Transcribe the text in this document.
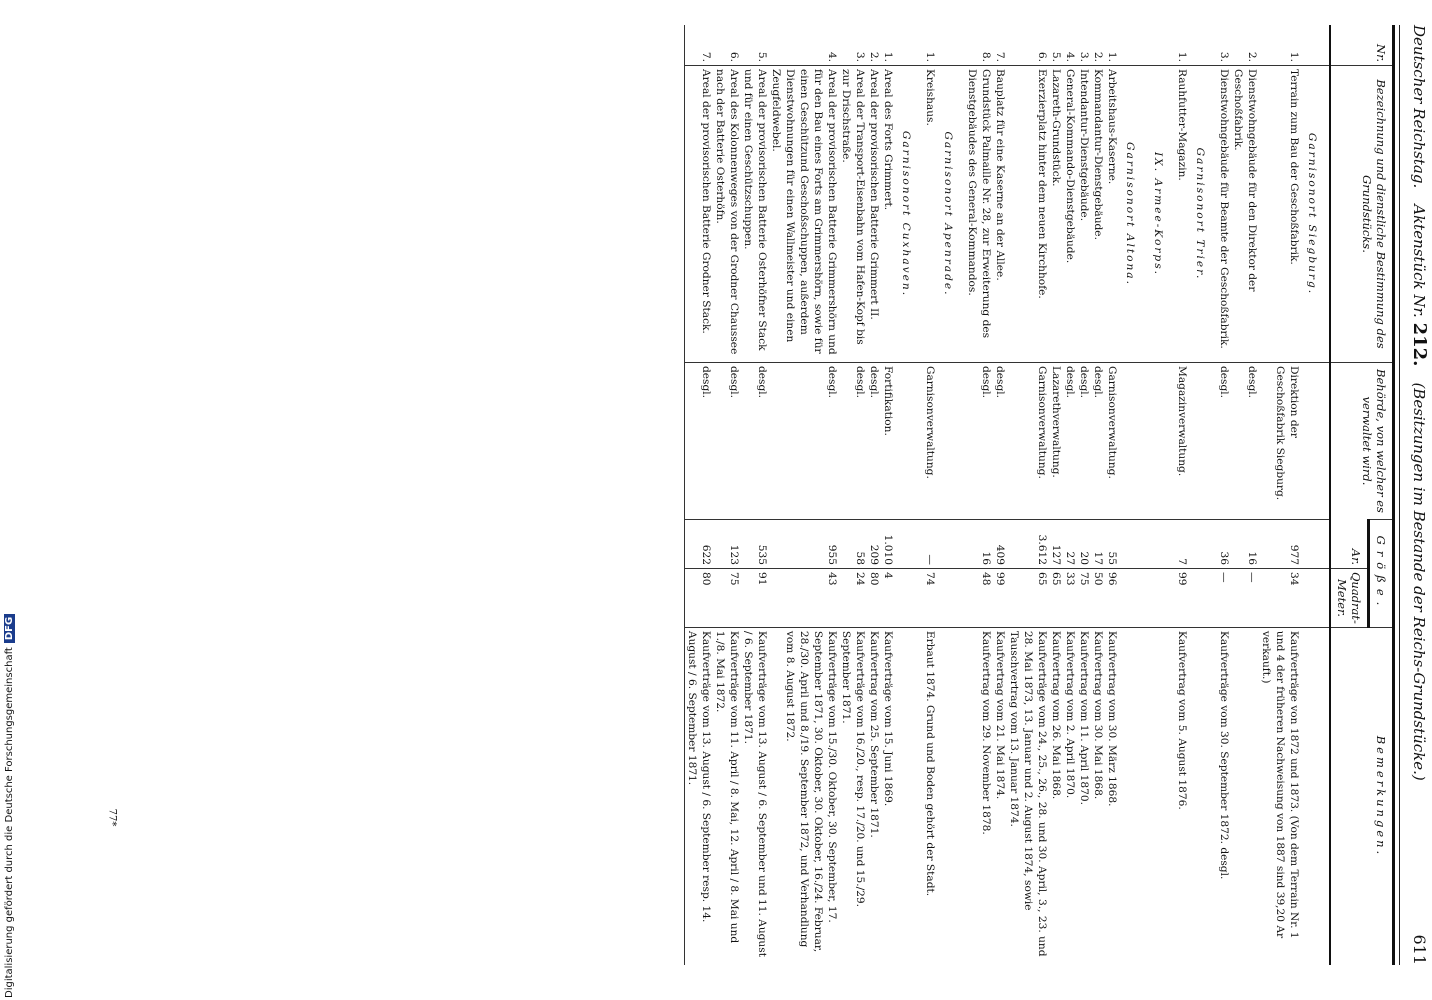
Deutscher Reichstag.
Aktenstück Nr. 212.
(Besitzungen im Bestande der Reichs-Grundstücke.)
611
Nr.	Bezeichnung und dienstliche Bestimmung des Grundstücks.	Behörde, von welcher es verwaltet wird.	Größe.		Bemerkungen.
			Ar.	Quadrat-Meter.	
	Garnisonort Siegburg.				
1.	Terrain zum Bau der Geschoßfabrik.	Direktion der Geschoßfabrik Siegburg.	977	34	Kaufverträge von 1872 und 1873. (Von dem Terrain Nr. 1 und 4 der früheren Nachweisung von 1887 sind 39,20 Ar verkauft.)
2.	Dienstwohngebäude für den Direktor der Geschoßfabrik.	desgl.	16	—	
3.	Dienstwohngebäude für Beamte der Geschoßfabrik.	desgl.	36	—	Kaufverträge vom 30. September 1872. desgl.
	Garnisonort Trier.				
1.	Rauhfutter-Magazin.	Magazinverwaltung.	7	99	Kaufvertrag vom 5. August 1876.
	IX. Armee-Korps.				
	Garnisonort Altona.				
1.	Arbeitshaus-Kaserne.	Garnisonverwaltung.	55	96	Kaufvertrag vom 30. März 1868.
2.	Kommandantur-Dienstgebäude.	desgl.	17	50	Kaufvertrag vom 30. Mai 1868.
3.	Intendantur-Dienstgebäude.	desgl.	20	75	Kaufvertrag vom 11. April 1870.
4.	General-Kommando-Dienstgebäude.	desgl.	27	33	Kaufvertrag vom 2. April 1870.
5.	Lazareth-Grundstück.	Lazarethverwaltung.	127	65	Kaufvertrag vom 26. Mai 1868.
6.	Exerzierplatz hinter dem neuen Kirchhofe.	Garnisonverwaltung.	3.612	65	Kaufverträge vom 24., 25., 26., 28. und 30. April, 3., 23. und 28. Mai 1873, 13. Januar und 2. August 1874, sowie Tauschvertrag vom 13. Januar 1874.
7.	Bauplatz für eine Kaserne an der Allee.	desgl.	409	99	Kaufvertrag vom 21. Mai 1874.
8.	Grundstück Palmaille Nr. 28, zur Erweiterung des Dienstgebäudes des General-Kommandos.	desgl.	16	48	Kaufvertrag vom 29. November 1878.
	Garnisonort Apenrade.				
1.	Kreishaus.	Garnisonverwaltung.	—	74	Erbaut 1874. Grund und Boden gehört der Stadt.
	Garnisonort Cuxhaven.				
1.	Areal des Forts Grimmert.	Fortifikation.	1.010	4	Kaufverträge vom 15. Juni 1869.
2.	Areal der provisorischen Batterie Grimmert II.	desgl.	209	80	Kaufvertrag vom 25. September 1871.
3.	Areal der Transport-Eisenbahn vom Hafen-Kopf bis zur Drischstraße.	desgl.	58	24	Kaufverträge vom 16./20., resp. 17./20. und 15./29. September 1871.
4.	Areal der provisorischen Batterie Grimmershörn und für den Bau eines Forts am Grimmershörn, sowie für einen Geschützund Geschoßschuppen, außerdem Dienstwohnungen für einen Wallmeister und einen Zeugfeldwebel.	desgl.	955	43	Kaufverträge vom 15./30. Oktober, 30. September, 17. September 1871, 30. Oktober, 30. Oktober, 16./24. Februar, 28./30. April und 8./19. September 1872, und Verhandlung vom 8. August 1872.
5.	Areal der provisorischen Batterie Osterhöfner Stack und für einen Geschützschuppen.	desgl.	535	91	Kaufverträge vom 13. August / 6. September und 11. August / 6. September 1871.
6.	Areal des Kolonnenweges von der Grodner Chaussee nach der Batterie Osterhöfn.	desgl.	123	75	Kaufverträge vom 11. April / 8. Mai, 12. April / 8. Mai und 1./8. Mai 1872.
7.	Areal der provisorischen Batterie Grodner Stack.	desgl.	622	80	Kaufverträge vom 13. August / 6. September resp. 14. August / 6. September 1871.
77*
Digitalisierung gefördert durch die Deutsche ForschungsgemeinschaftDFG
